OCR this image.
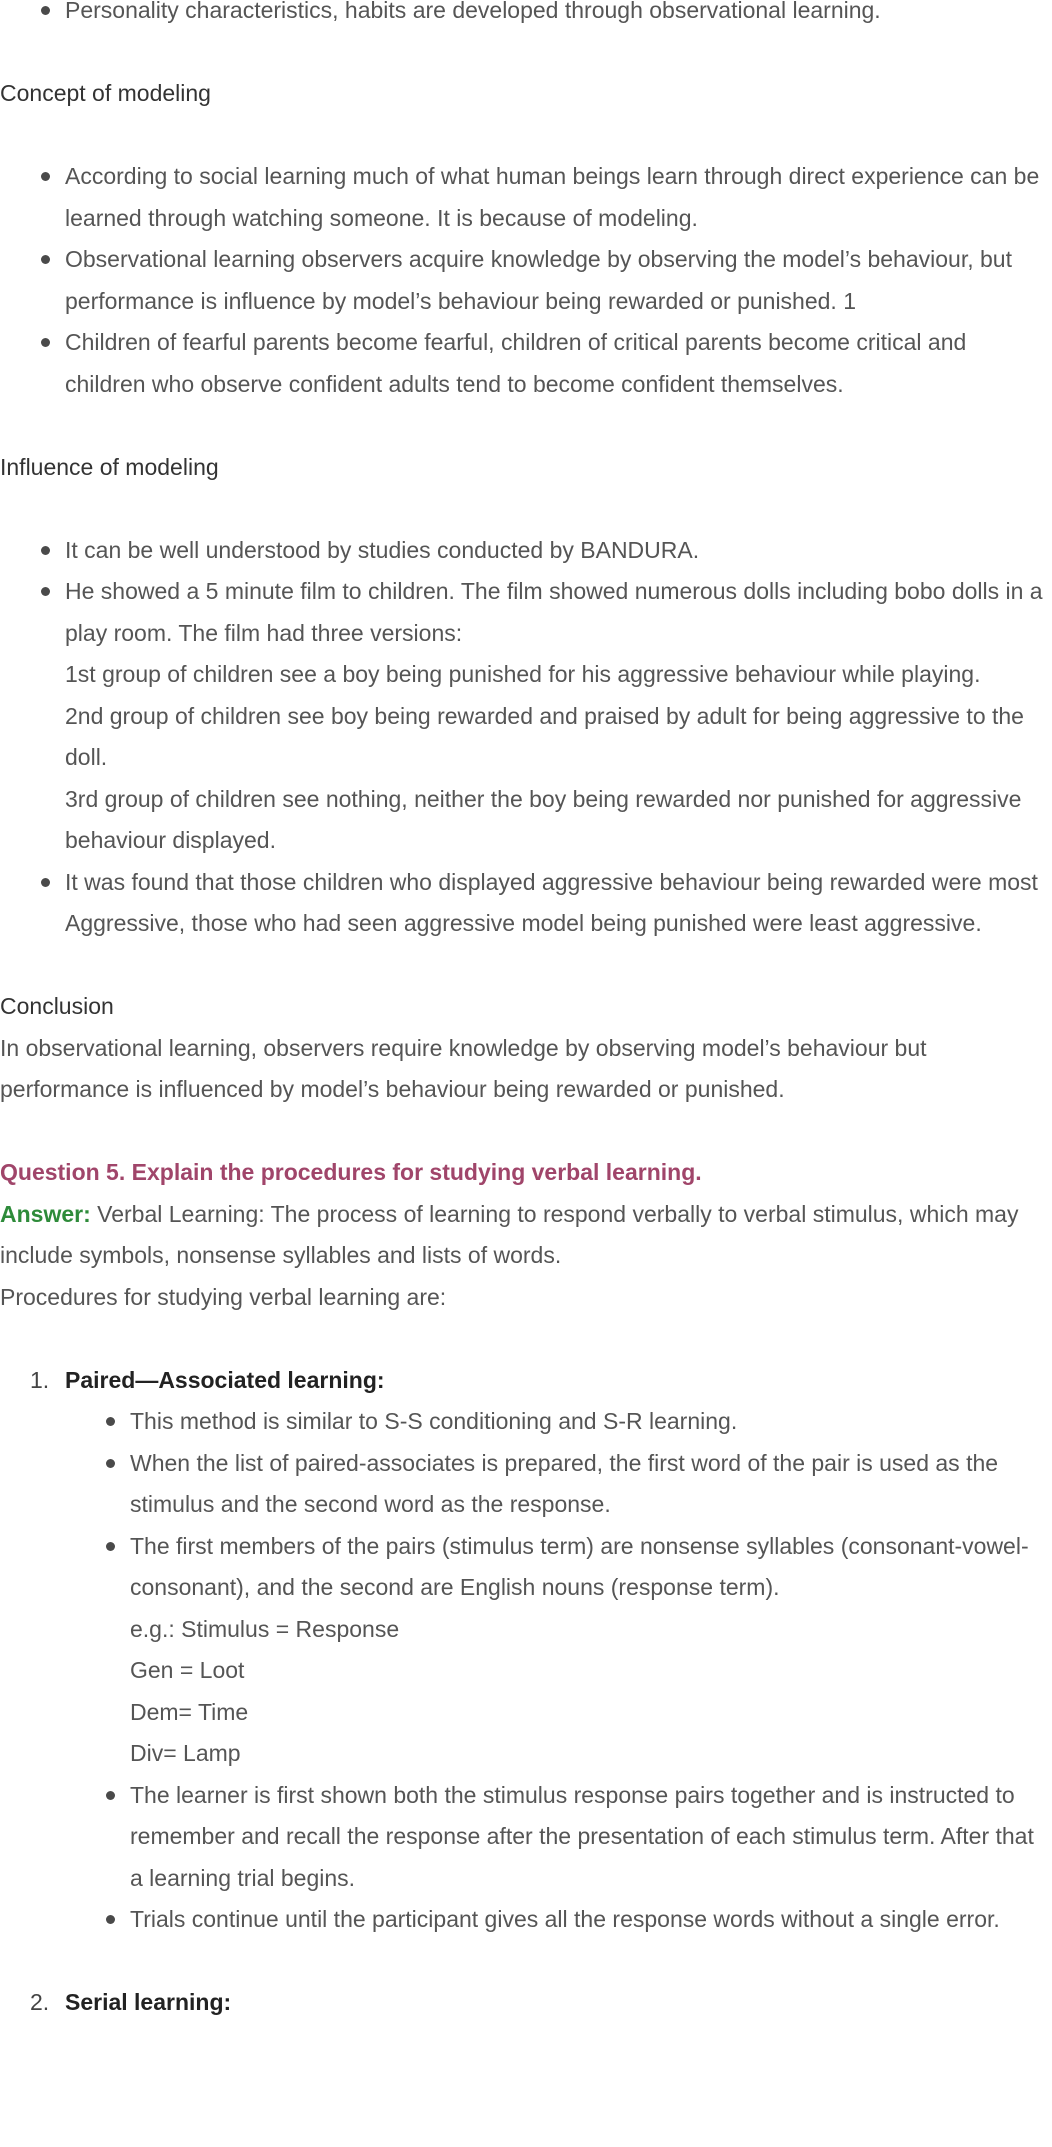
Personality characteristics, habits are developed through observational learning.

Concept of modeling

According to social learning much of what human beings learn through direct experience can be learned through watching someone. It is because of modeling.
Observational learning observers acquire knowledge by observing the model’s behaviour, but performance is influence by model’s behaviour being rewarded or punished. 1
Children of fearful parents become fearful, children of critical parents become critical and children who observe confident adults tend to become confident themselves.

Influence of modeling

It can be well understood by studies conducted by BANDURA.
He showed a 5 minute film to children. The film showed numerous dolls including bobo dolls in a play room. The film had three versions:
1st group of children see a boy being punished for his aggressive behaviour while playing.
2nd group of children see boy being rewarded and praised by adult for being aggressive to the doll.
3rd group of children see nothing, neither the boy being rewarded nor punished for aggressive behaviour displayed.
It was found that those children who displayed aggressive behaviour being rewarded were most Aggressive, those who had seen aggressive model being punished were least aggressive.

Conclusion

In observational learning, observers require knowledge by observing model’s behaviour but performance is influenced by model’s behaviour being rewarded or punished.

Question 5. Explain the procedures for studying verbal learning.

Answer: Verbal Learning: The process of learning to respond verbally to verbal stimulus, which may include symbols, nonsense syllables and lists of words.

Procedures for studying verbal learning are:

1. Paired—Associated learning:
This method is similar to S-S conditioning and S-R learning.
When the list of paired-associates is prepared, the first word of the pair is used as the stimulus and the second word as the response.
The first members of the pairs (stimulus term) are nonsense syllables (consonant-vowel-consonant), and the second are English nouns (response term).
e.g.: Stimulus = Response
Gen = Loot
Dem= Time
Div= Lamp
The learner is first shown both the stimulus response pairs together and is instructed to remember and recall the response after the presentation of each stimulus term. After that a learning trial begins.
Trials continue until the participant gives all the response words without a single error.
2. Serial learning:
